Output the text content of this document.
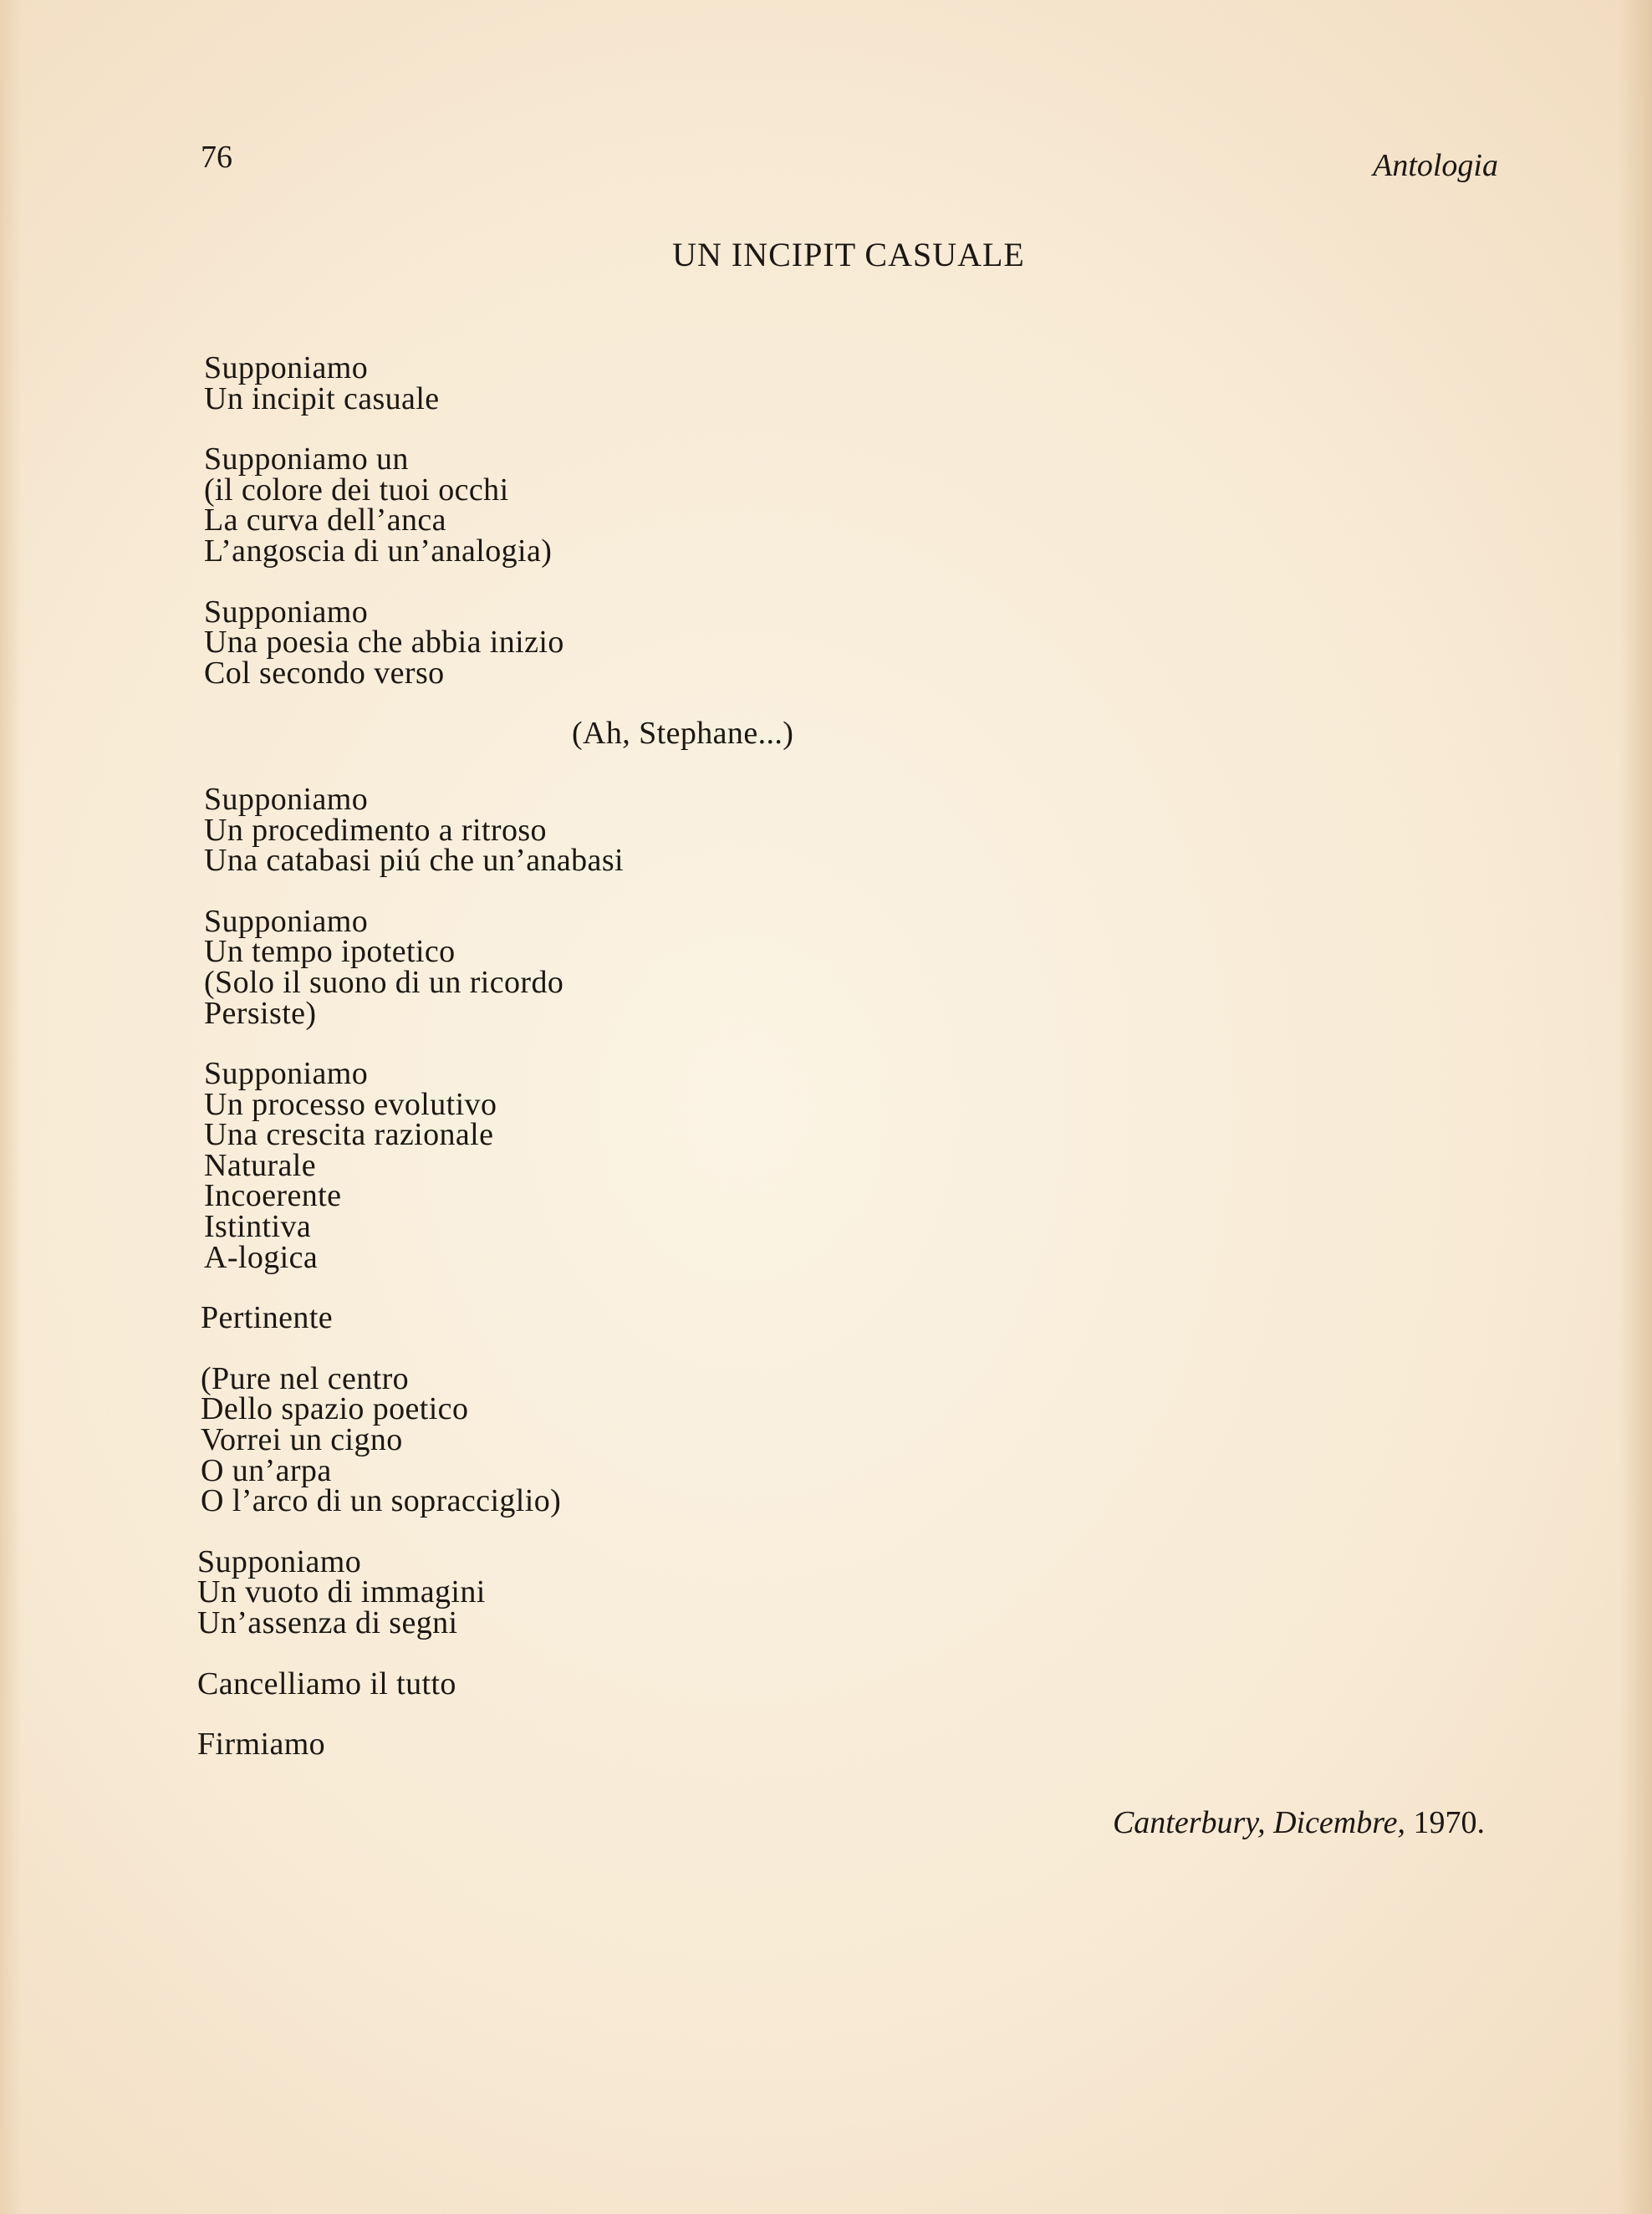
76	Antologia
UN INCIPIT CASUALE
Supponiamo
Un incipit casuale
Supponiamo un
(il colore dei tuoi occhi
La curva dell’anca
L’angoscia di un’analogia)
Supponiamo
Una poesia che abbia inizio
Col secondo verso
(Ah, Stephane...)
Supponiamo
Un procedimento a ritroso
Una catabasi piú che un’anabasi
Supponiamo
Un tempo ipotetico
(Solo il suono di un ricordo
Persiste)
Supponiamo
Un processo evolutivo
Una crescita razionale
Naturale
Incoerente
Istintiva
A-logica
Pertinente
(Pure nel centro
Dello spazio poetico
Vorrei un cigno
O un’arpa
O l’arco di un sopracciglio)
Supponiamo
Un vuoto di immagini
Un’assenza di segni
Cancelliamo il tutto
Firmiamo
Canterbury, Dicembre, 1970.
